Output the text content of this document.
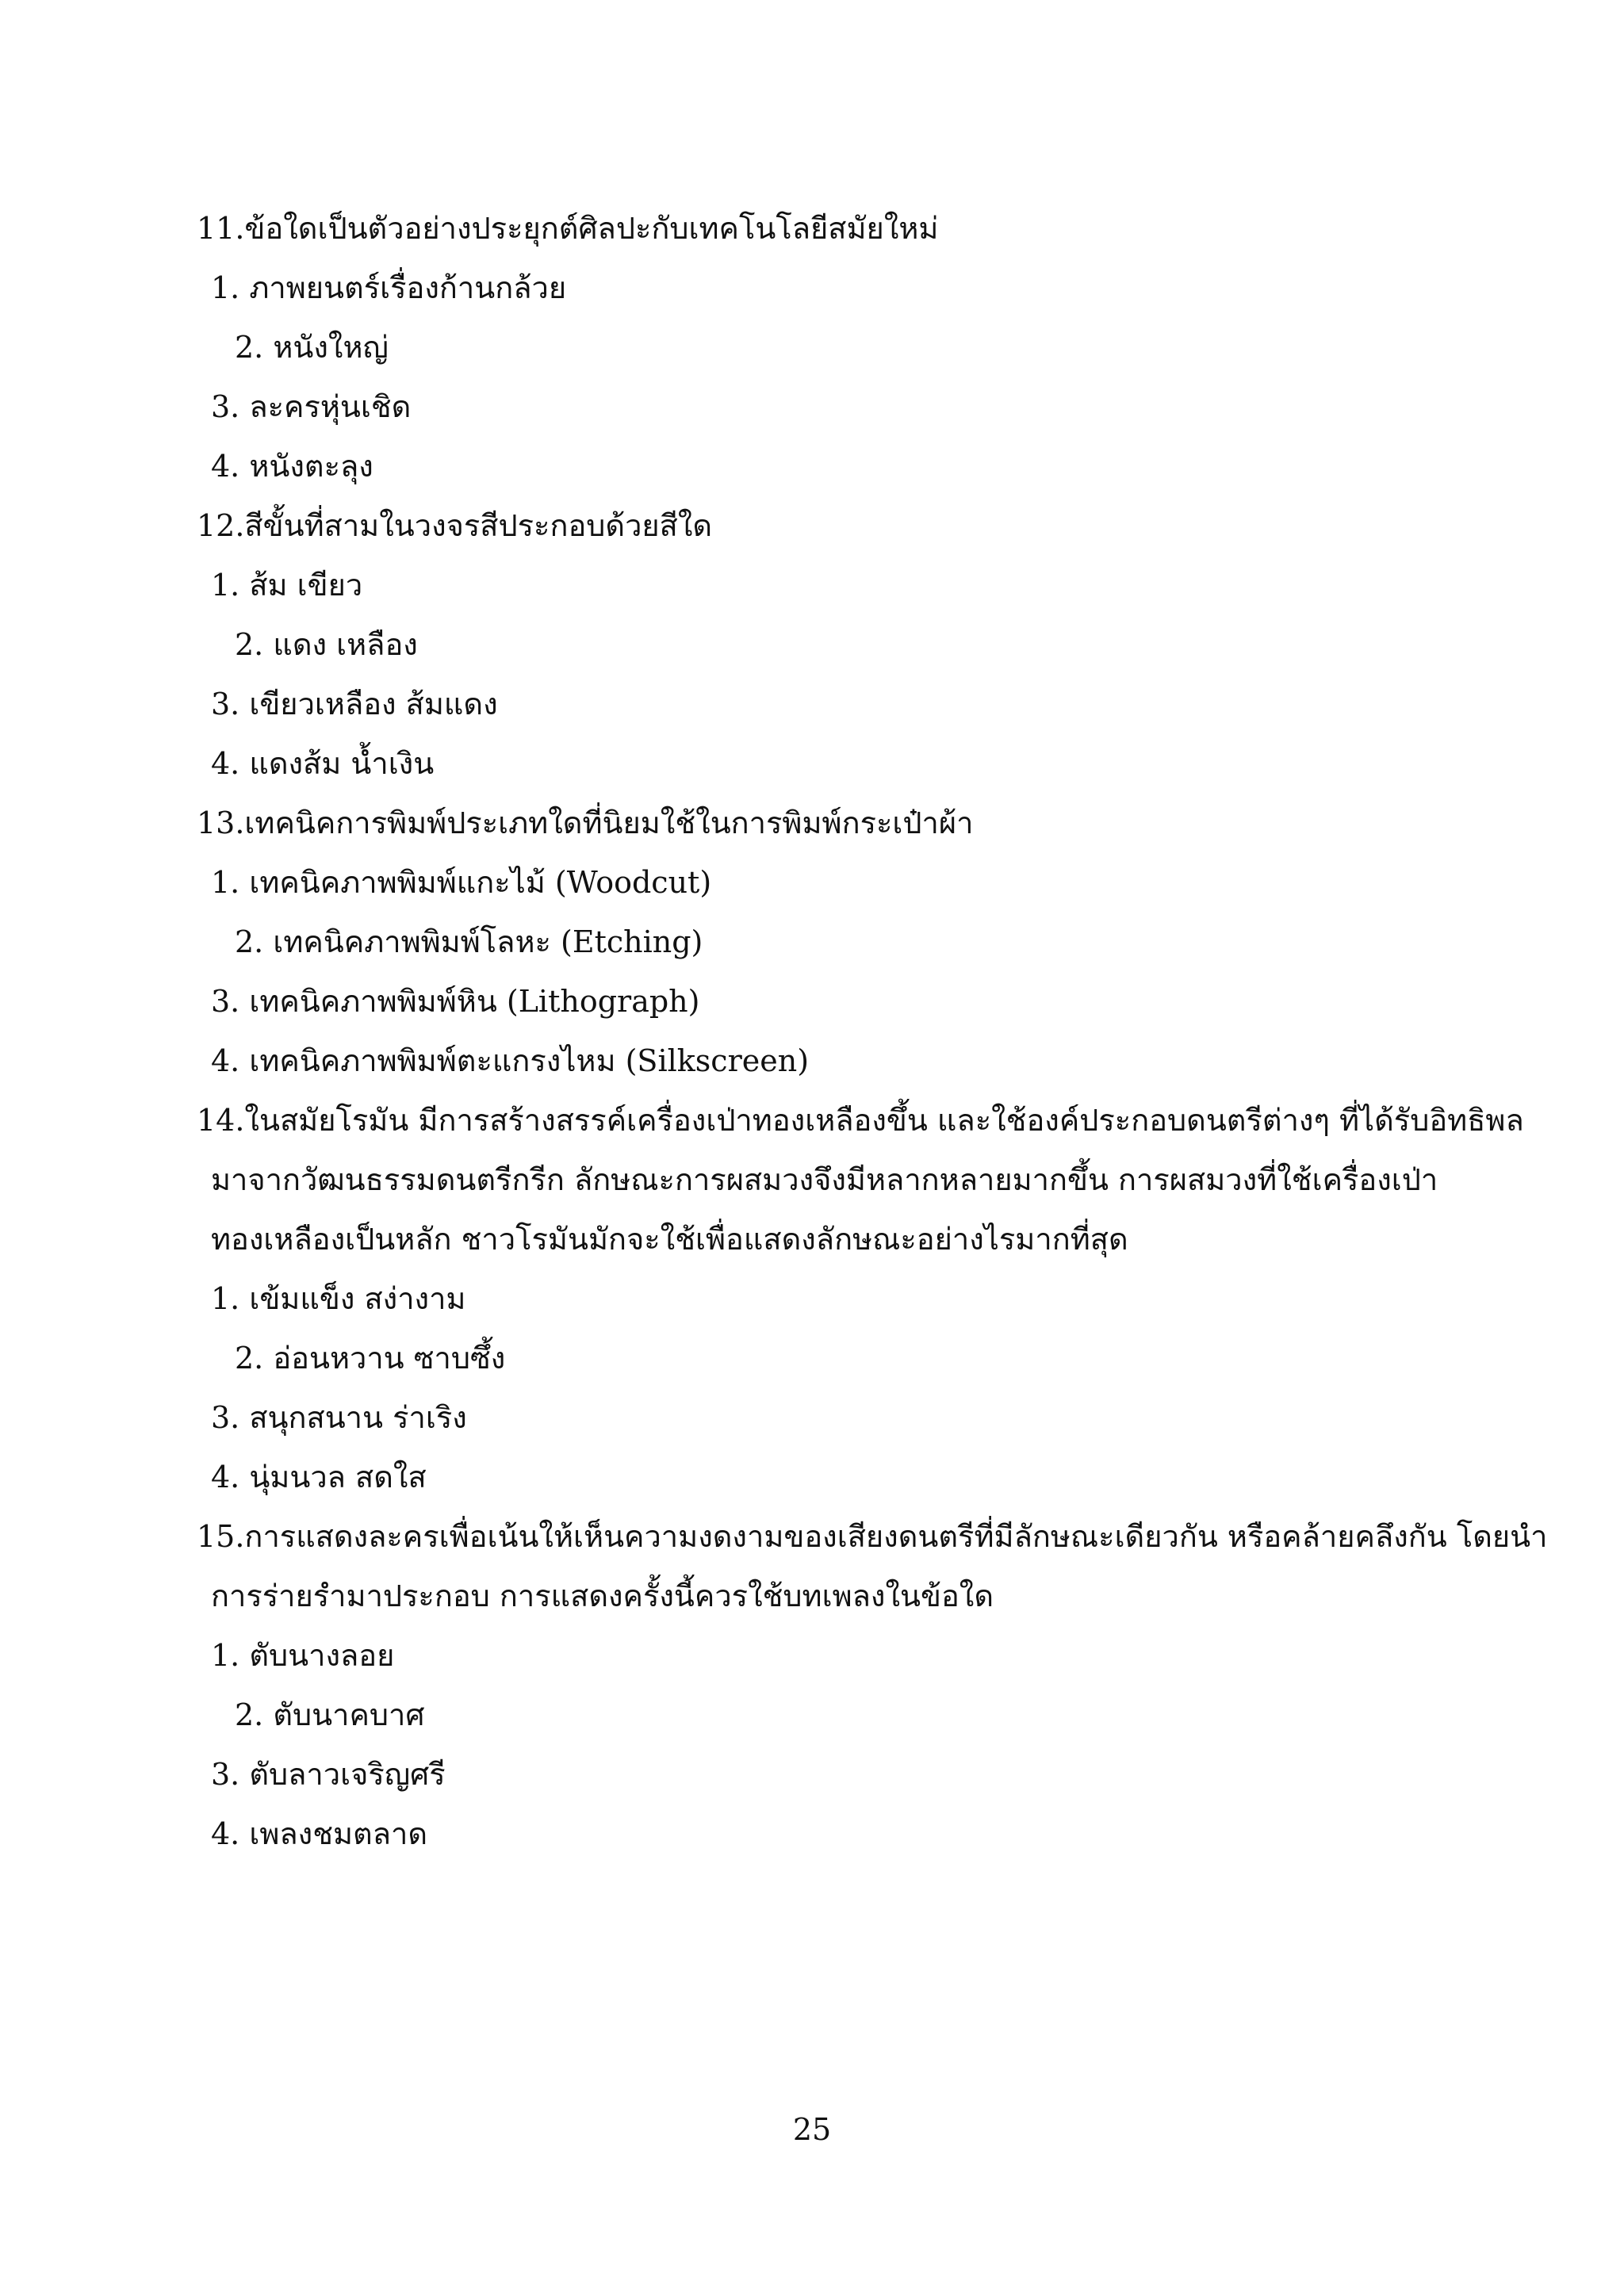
11.ข้อใดเป็นตัวอย่างประยุกต์ศิลปะกับเทคโนโลยีสมัยใหม่
1. ภาพยนตร์เรื่องก้านกล้วย
2. หนังใหญ่
3. ละครหุ่นเชิด
4. หนังตะลุง
12.สีขั้นที่สามในวงจรสีประกอบด้วยสีใด
1. ส้ม เขียว
2. แดง เหลือง
3. เขียวเหลือง ส้มแดง
4. แดงส้ม น้ำเงิน
13.เทคนิคการพิมพ์ประเภทใดที่นิยมใช้ในการพิมพ์กระเป๋าผ้า
1. เทคนิคภาพพิมพ์แกะไม้ (Woodcut)
2. เทคนิคภาพพิมพ์โลหะ (Etching)
3. เทคนิคภาพพิมพ์หิน (Lithograph)
4. เทคนิคภาพพิมพ์ตะแกรงไหม (Silkscreen)
14.ในสมัยโรมัน มีการสร้างสรรค์เครื่องเป่าทองเหลืองขึ้น และใช้องค์ประกอบดนตรีต่างๆ ที่ได้รับอิทธิพล
มาจากวัฒนธรรมดนตรีกรีก ลักษณะการผสมวงจึงมีหลากหลายมากขึ้น การผสมวงที่ใช้เครื่องเป่า
ทองเหลืองเป็นหลัก ชาวโรมันมักจะใช้เพื่อแสดงลักษณะอย่างไรมากที่สุด
1. เข้มแข็ง สง่างาม
2. อ่อนหวาน ซาบซึ้ง
3. สนุกสนาน ร่าเริง
4. นุ่มนวล สดใส
15.การแสดงละครเพื่อเน้นให้เห็นความงดงามของเสียงดนตรีที่มีลักษณะเดียวกัน หรือคล้ายคลึงกัน โดยนำ
การร่ายรำมาประกอบ การแสดงครั้งนี้ควรใช้บทเพลงในข้อใด
1. ตับนางลอย
2. ตับนาคบาศ
3. ตับลาวเจริญศรี
4. เพลงชมตลาด
25
